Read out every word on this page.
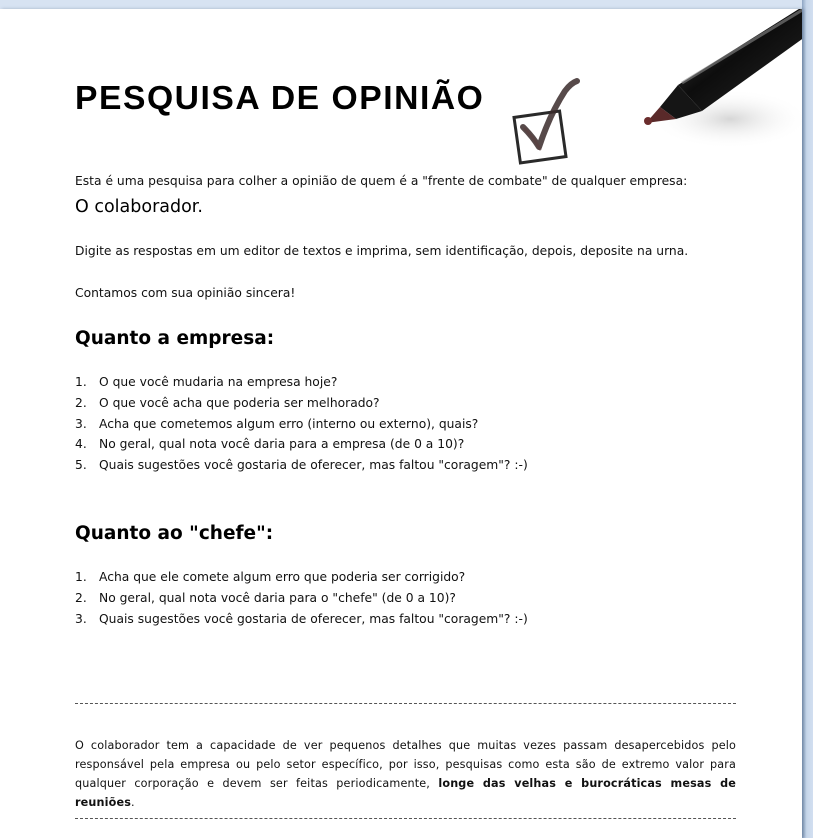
PESQUISA DE OPINIÃO

Esta é uma pesquisa para colher a opinião de quem é a "frente de combate" de qualquer empresa:

O colaborador.

Digite as respostas em um editor de textos e imprima, sem identificação, depois, deposite na urna.

Contamos com sua opinião sincera!

Quanto a empresa:
1. O que você mudaria na empresa hoje?
2. O que você acha que poderia ser melhorado?
3. Acha que cometemos algum erro (interno ou externo), quais?
4. No geral, qual nota você daria para a empresa (de 0 a 10)?
5. Quais sugestões você gostaria de oferecer, mas faltou "coragem"? :-)
Quanto ao "chefe":
1. Acha que ele comete algum erro que poderia ser corrigido?
2. No geral, qual nota você daria para o "chefe" (de 0 a 10)?
3. Quais sugestões você gostaria de oferecer, mas faltou "coragem"? :-)

O colaborador tem a capacidade de ver pequenos detalhes que muitas vezes passam desapercebidos pelo responsável pela empresa ou pelo setor específico, por isso, pesquisas como esta são de extremo valor para qualquer corporação e devem ser feitas periodicamente, longe das velhas e burocráticas mesas de reuniões.
